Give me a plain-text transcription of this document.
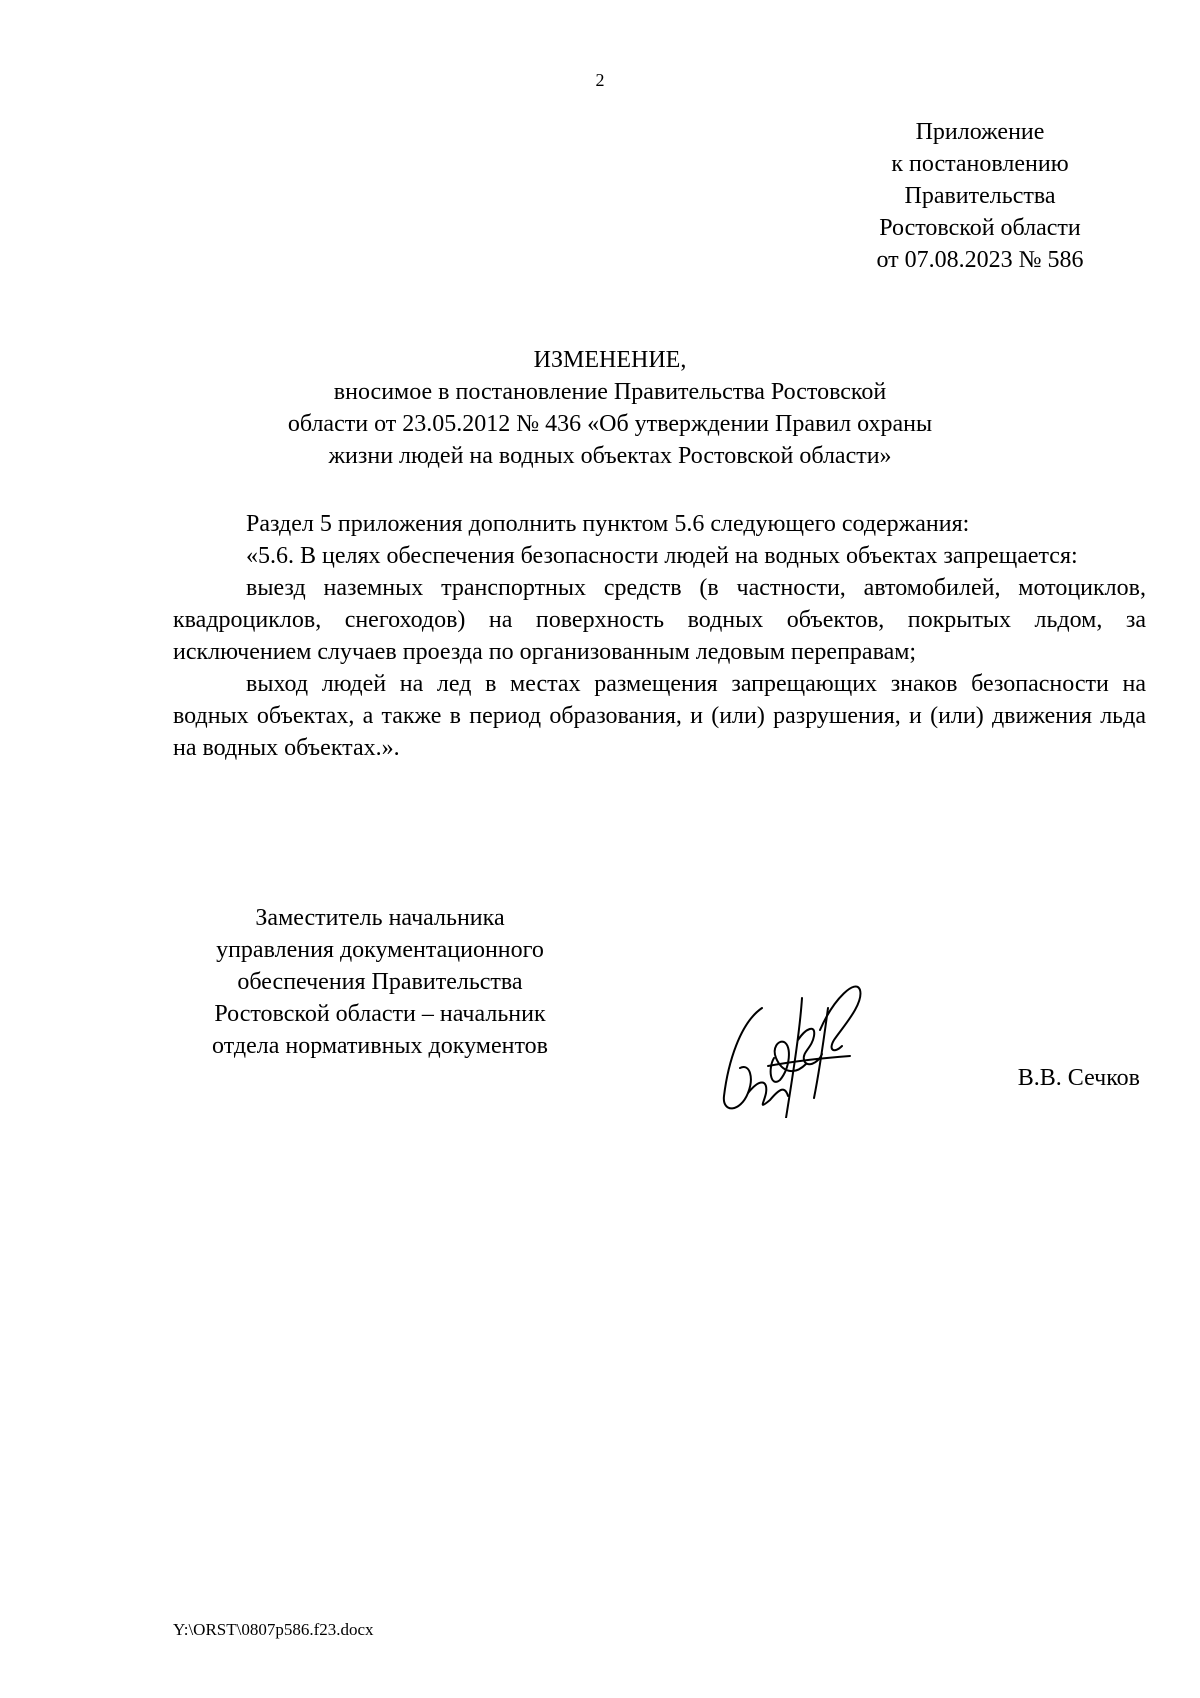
2
Приложение
к постановлению
Правительства
Ростовской области
от 07.08.2023 № 586
ИЗМЕНЕНИЕ,
вносимое в постановление Правительства Ростовской
области от 23.05.2012 № 436 «Об утверждении Правил охраны
жизни людей на водных объектах Ростовской области»

Раздел 5 приложения дополнить пунктом 5.6 следующего содержания:

«5.6. В целях обеспечения безопасности людей на водных объектах запрещается:

выезд наземных транспортных средств (в частности, автомобилей, мотоциклов, квадроциклов, снегоходов) на поверхность водных объектов, покрытых льдом, за исключением случаев проезда по организованным ледовым переправам;

выход людей на лед в местах размещения запрещающих знаков безопасности на водных объектах, а также в период образования, и (или) разрушения, и (или) движения льда на водных объектах.».

Заместитель начальника
управления документационного
обеспечения Правительства
Ростовской области – начальник
отдела нормативных документов
В.В. Сечков
Y:\ORST\0807p586.f23.docx
